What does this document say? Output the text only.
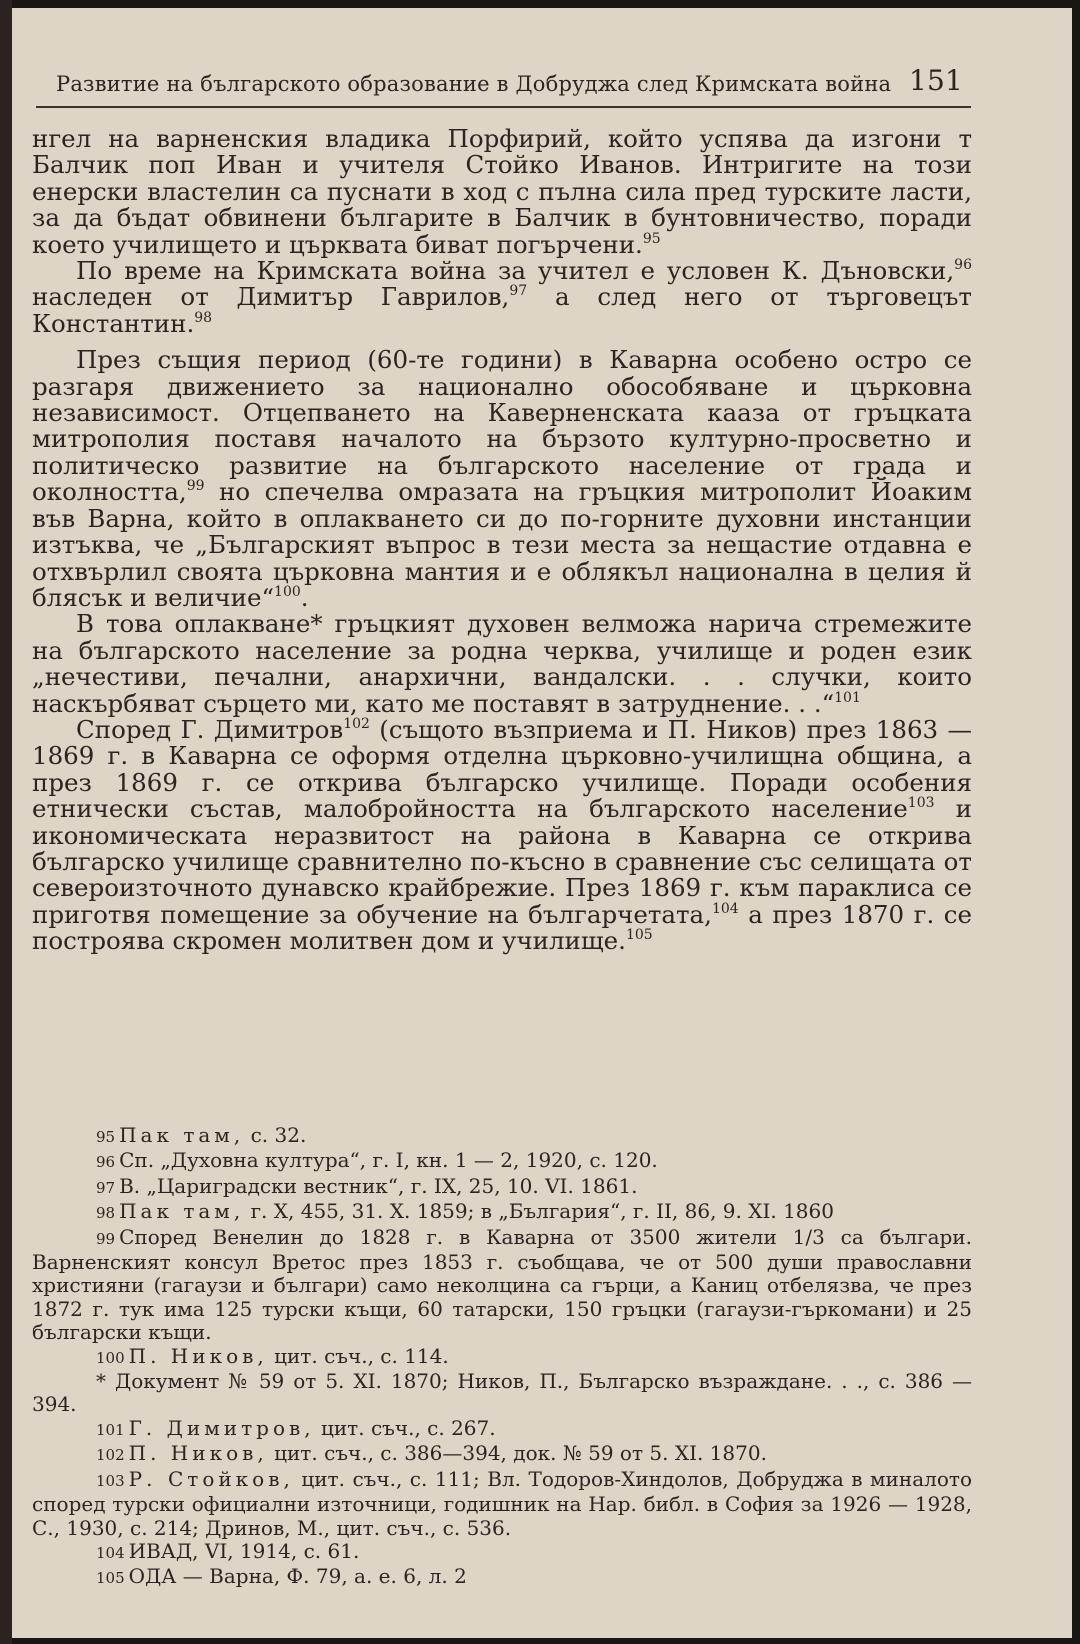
Развитие на българското образование в Добруджа след Кримската война 151

нгел на варненския владика Порфирий, който успява да изгони т Балчик поп Иван и учителя Стойко Иванов. Интригите на този енерски властелин са пуснати в ход с пълна сила пред турските ласти, за да бъдат обвинени българите в Балчик в бунтовничество, поради което училището и църквата биват погърчени.$^{95}$

По време на Кримската война за учител е условен К. Дъновски,$^{96}$ наследен от Димитър Гаврилов,$^{97}$ а след него от търговецът Константин.$^{98}$

През същия период (60-те години) в Каварна особено остро се разгаря движението за национално обособяване и църковна независимост. Отцепването на Кавeрненската кааза от гръцката митрополия поставя началото на бързото културно-просветно и политическо развитие на българското население от града и околността,$^{99}$ но спечелва омразата на гръцкия митрополит Йоаким във Варна, който в оплакването си до по-горните духовни инстанции изтъква, че „Българският въпрос в тези места за нещастие отдавна е отхвърлил своята църковна мантия и е облякъл национална в целия й блясък и величие“$^{100}$.

В това оплакване* гръцкият духовен велможа нарича стремежите на българското население за родна черква, училище и роден език „нечестиви, печални, анархични, вандалски. . . случки, които наскърбяват сърцето ми, като ме поставят в затруднение. . .“$^{101}$

Според Г. Димитров$^{102}$ (същото възприема и П. Ников) през 1863 — 1869 г. в Каварна се оформя отделна църковно-училищна община, а през 1869 г. се открива българско училище. Поради особения етнически състав, малобройността на българското население$^{103}$ и икономическата неразвитост на района в Каварна се открива българско училище сравнително по-късно в сравнение със селищата от североизточното дунавско крайбрежие. През 1869 г. към параклиса се приготвя помещение за обучение на българчетата,$^{104}$ а през 1870 г. се построява скромен молитвен дом и училище.$^{105}$

95 Пак там, с. 32.

96 Сп. „Духовна култура“, г. I, кн. 1 — 2, 1920, с. 120.

97 В. „Цариградски вестник“, г. IX, 25, 10. VI. 1861.

98 Пак там, г. X, 455, 31. X. 1859; в „България“, г. II, 86, 9. XI. 1860

99 Според Венелин до 1828 г. в Каварна от 3500 жители 1/3 са българи. Варненският консул Вретос през 1853 г. съобщава, че от 500 души православни християни (гагаузи и българи) само неколцина са гърци, а Каниц отбелязва, че през 1872 г. тук има 125 турски къщи, 60 татарски, 150 гръцки (гагаузи-гъркомани) и 25 български къщи.

100 П. Ников, цит. съч., с. 114.

* Документ № 59 от 5. XI. 1870; Ников, П., Българско възраждане. . ., с. 386 — 394.

101 Г. Димитров, цит. съч., с. 267.

102 П. Ников, цит. съч., с. 386—394, док. № 59 от 5. XI. 1870.

103 Р. Стойков, цит. съч., с. 111; Вл. Тодоров-Хиндолов, Добруджа в миналото според турски официални източници, годишник на Нар. библ. в София за 1926 — 1928, С., 1930, с. 214; Дринов, М., цит. съч., с. 536.

104 ИВАД, VI, 1914, с. 61.

105 ОДА — Варна, Ф. 79, а. е. 6, л. 2
